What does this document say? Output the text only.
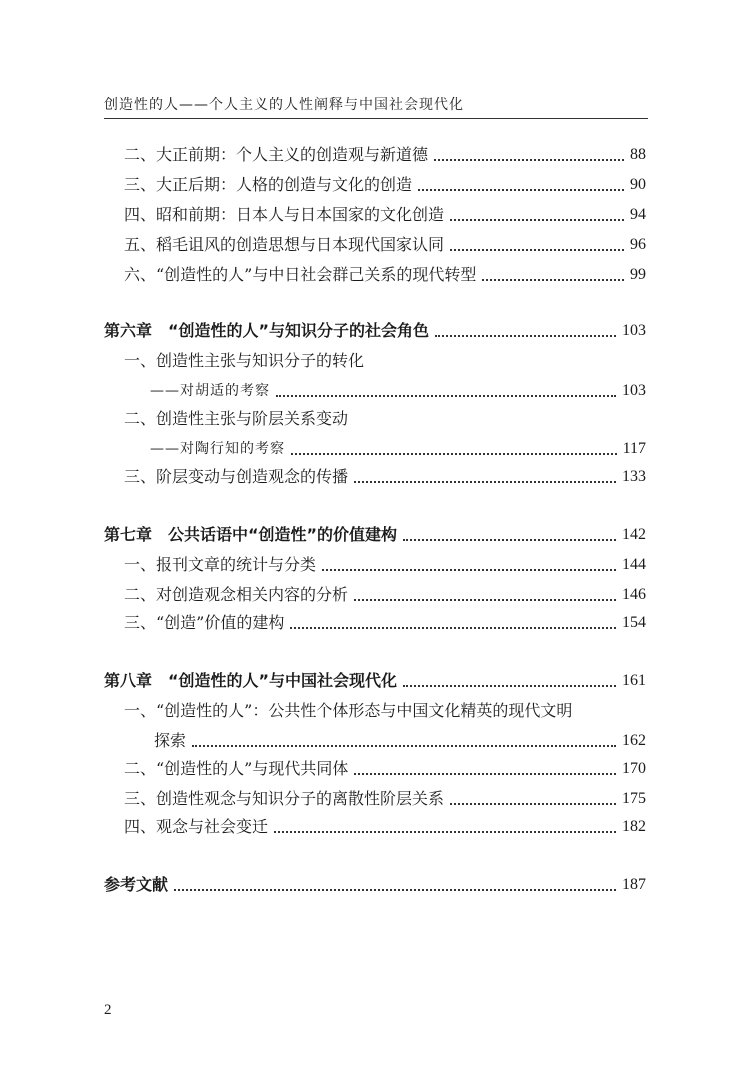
创造性的人——个人主义的人性阐释与中国社会现代化
二、大正前期：个人主义的创造观与新道德	88
三、大正后期：人格的创造与文化的创造	90
四、昭和前期：日本人与日本国家的文化创造	94
五、稻毛诅风的创造思想与日本现代国家认同	96
六、“创造性的人”与中日社会群己关系的现代转型	99
第六章　“创造性的人”与知识分子的社会角色	103
一、创造性主张与知识分子的转化
——对胡适的考察	103
二、创造性主张与阶层关系变动
——对陶行知的考察	117
三、阶层变动与创造观念的传播	133
第七章　公共话语中“创造性”的价值建构	142
一、报刊文章的统计与分类	144
二、对创造观念相关内容的分析	146
三、“创造”价值的建构	154
第八章　“创造性的人”与中国社会现代化	161
一、“创造性的人”：公共性个体形态与中国文化精英的现代文明
探索	162
二、“创造性的人”与现代共同体	170
三、创造性观念与知识分子的离散性阶层关系	175
四、观念与社会变迁	182
参考文献	187
2
